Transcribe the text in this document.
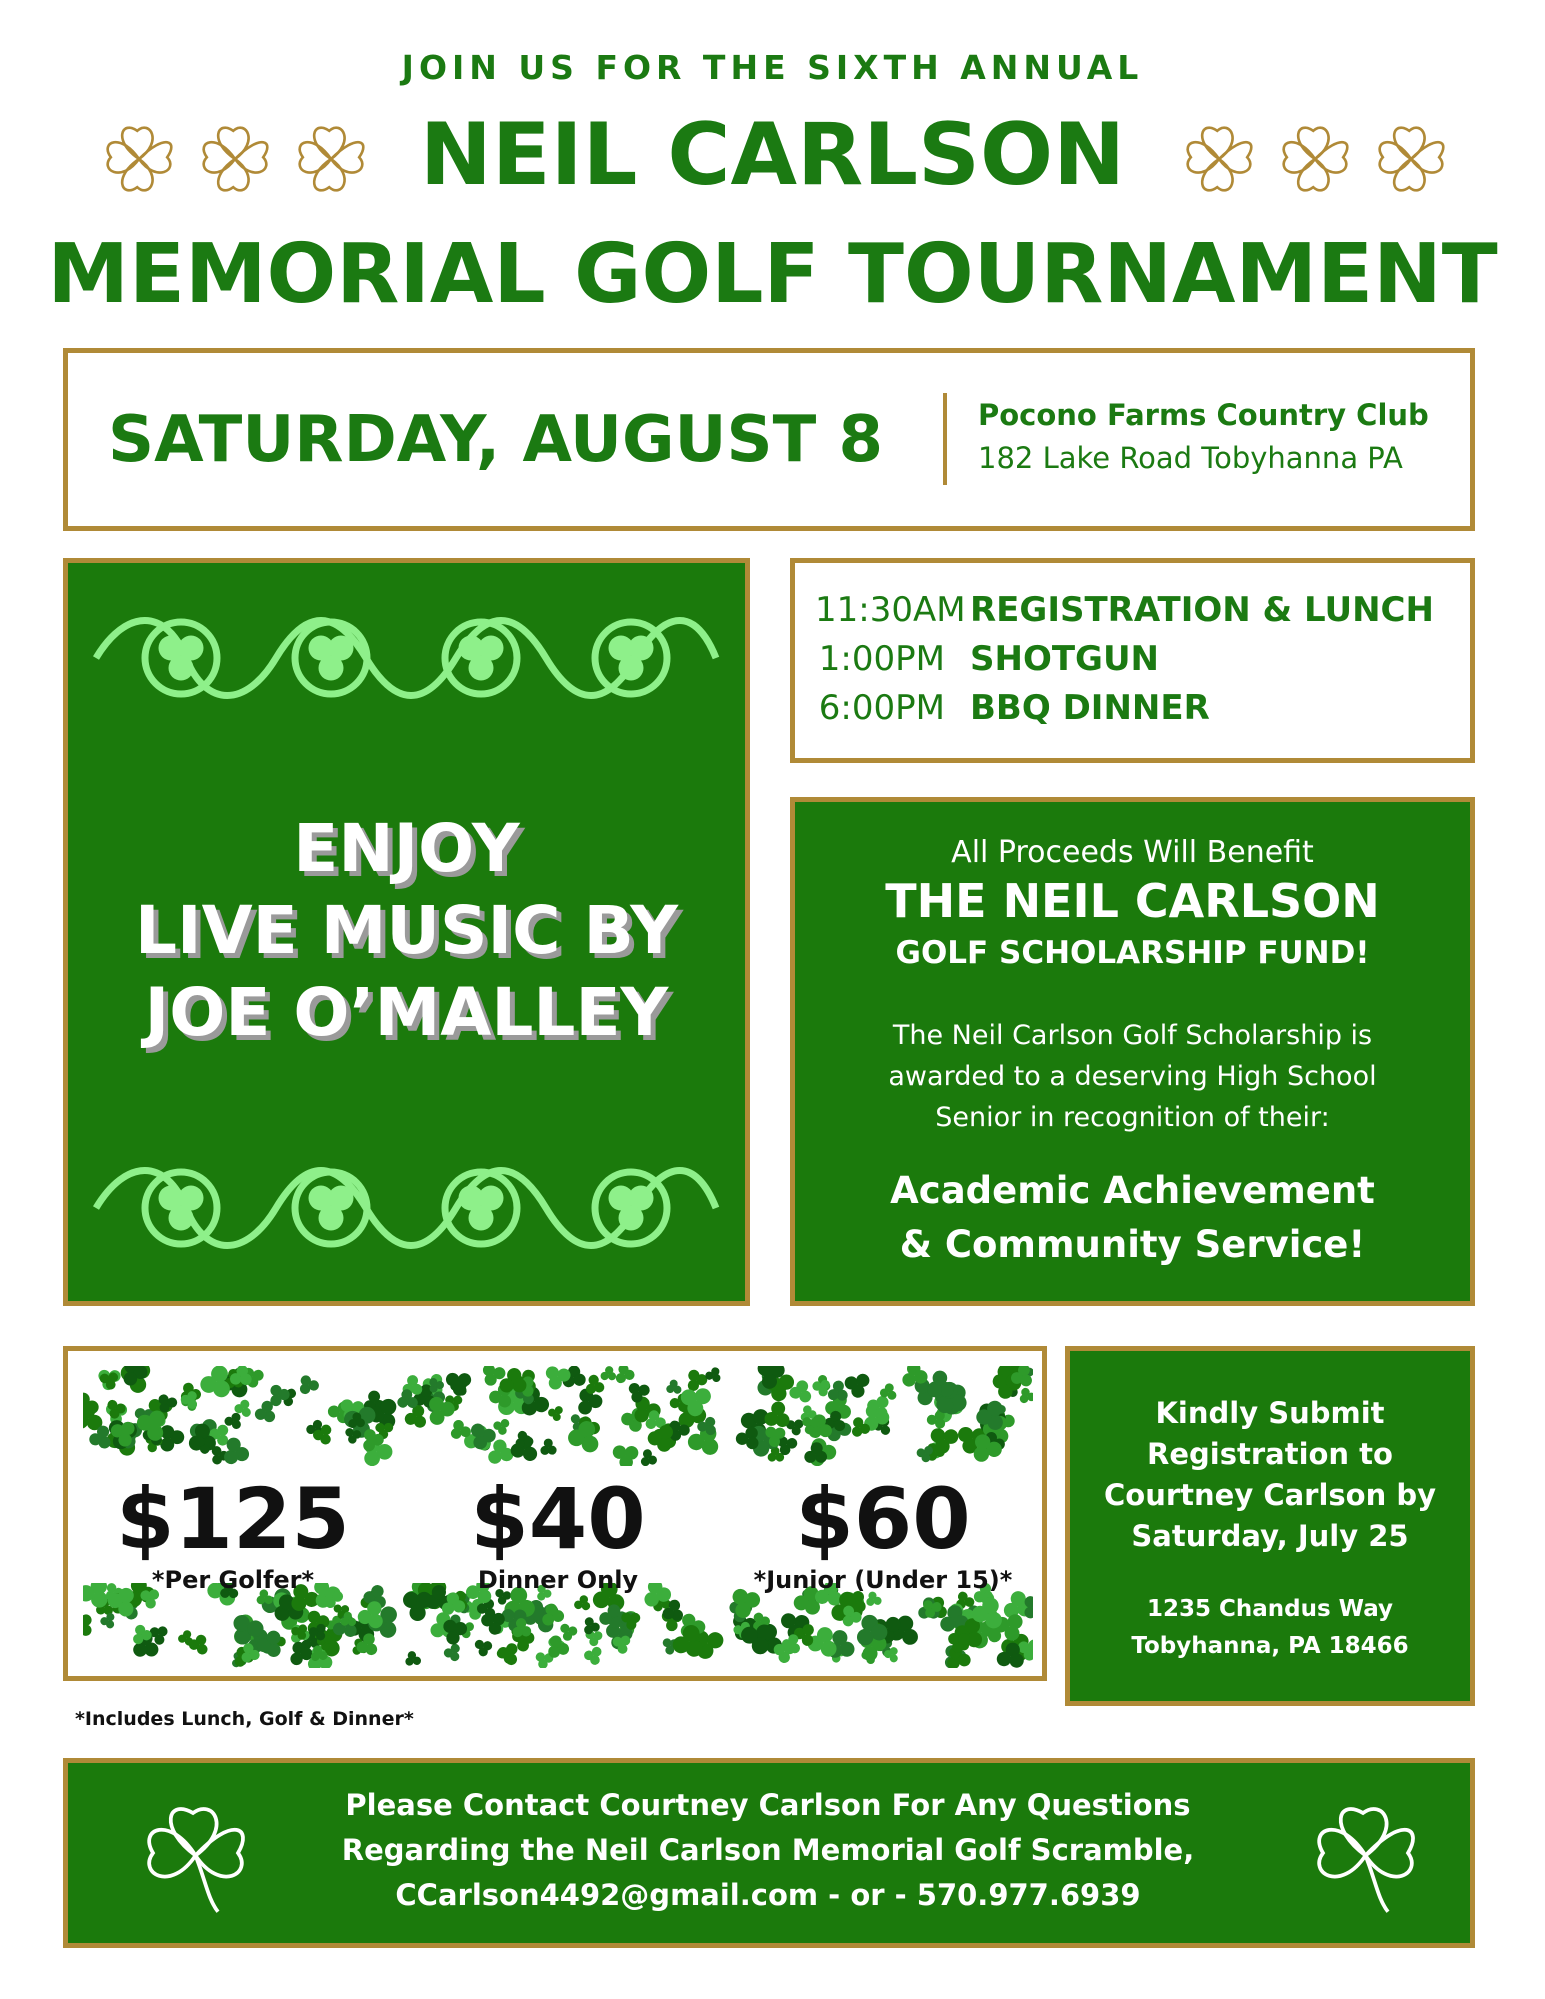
JOIN US FOR THE SIXTH ANNUAL
NEIL CARLSON
MEMORIAL GOLF TOURNAMENT
SATURDAY, AUGUST 8	Pocono Farms Country Club
182 Lake Road Tobyhanna PA
ENJOY
LIVE MUSIC BY
JOE O’MALLEY
11:30AM REGISTRATION & LUNCH
1:00PM SHOTGUN
6:00PM BBQ DINNER
All Proceeds Will Benefit
THE NEIL CARLSON
GOLF SCHOLARSHIP FUND!
The Neil Carlson Golf Scholarship is
awarded to a deserving High School
Senior in recognition of their:
Academic Achievement
& Community Service!
$125
*Per Golfer*
$40
Dinner Only
$60
*Junior (Under 15)*
*Includes Lunch, Golf & Dinner*
Kindly Submit
Registration to
Courtney Carlson by
Saturday, July 25
1235 Chandus Way
Tobyhanna, PA 18466
Please Contact Courtney Carlson For Any Questions
Regarding the Neil Carlson Memorial Golf Scramble,
CCarlson4492@gmail.com - or - 570.977.6939
